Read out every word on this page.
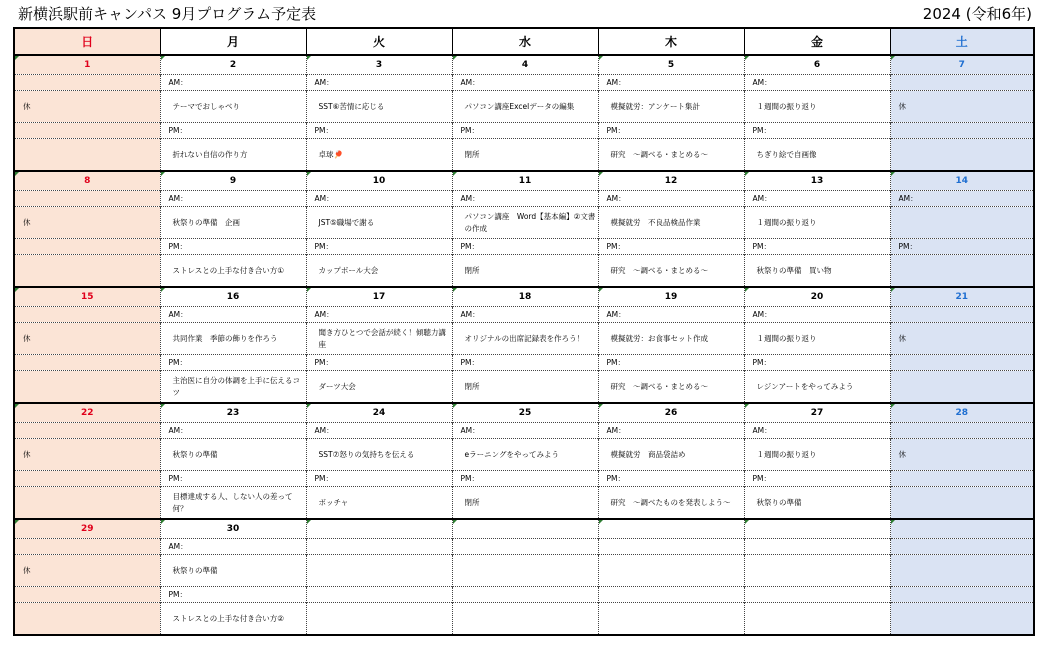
新横浜駅前キャンパス 9月プログラム予定表	2024 (令和6年)
日	月	火	水	木	金	土
1	2	3	4	5	6	7
	AM：	AM：	AM：	AM：	AM：	
休	テーマでおしゃべり	SST⑥苦情に応じる	パソコン講座Excelデータの編集	模擬就労：アンケート集計	１週間の振り返り	休
	PM：	PM：	PM：	PM：	PM：	
	折れない自信の作り方	卓球🏓	閉所	研究　～調べる・まとめる～	ちぎり絵で自画像	
8	9	10	11	12	13	14
	AM：	AM：	AM：	AM：	AM：	AM：
休	秋祭りの準備　企画	JST⑤職場で謝る	パソコン講座　Word【基本編】②文書の作成	模擬就労　不良品検品作業	１週間の振り返り	
	PM：	PM：	PM：	PM：	PM：	PM：
	ストレスとの上手な付き合い方①	カップボール大会	閉所	研究　～調べる・まとめる～	秋祭りの準備　買い物	
15	16	17	18	19	20	21
	AM：	AM：	AM：	AM：	AM：	
休	共同作業　季節の飾りを作ろう	聞き方ひとつで会話が続く！傾聴力講座	オリジナルの出席記録表を作ろう！	模擬就労：お食事セット作成	１週間の振り返り	休
	PM：	PM：	PM：	PM：	PM：	
	主治医に自分の体調を上手に伝えるコツ	ダーツ大会	閉所	研究　～調べる・まとめる～	レジンアートをやってみよう	
22	23	24	25	26	27	28
	AM：	AM：	AM：	AM：	AM：	
休	秋祭りの準備	SST⑦怒りの気持ちを伝える	eラーニングをやってみよう	模擬就労　商品袋詰め	１週間の振り返り	休
	PM：	PM：	PM：	PM：	PM：	
	目標達成する人、しない人の差って何？	ボッチャ	閉所	研究　～調べたものを発表しよう～	秋祭りの準備	
29	30					
	AM：					
休	秋祭りの準備					
	PM：					
	ストレスとの上手な付き合い方②					
